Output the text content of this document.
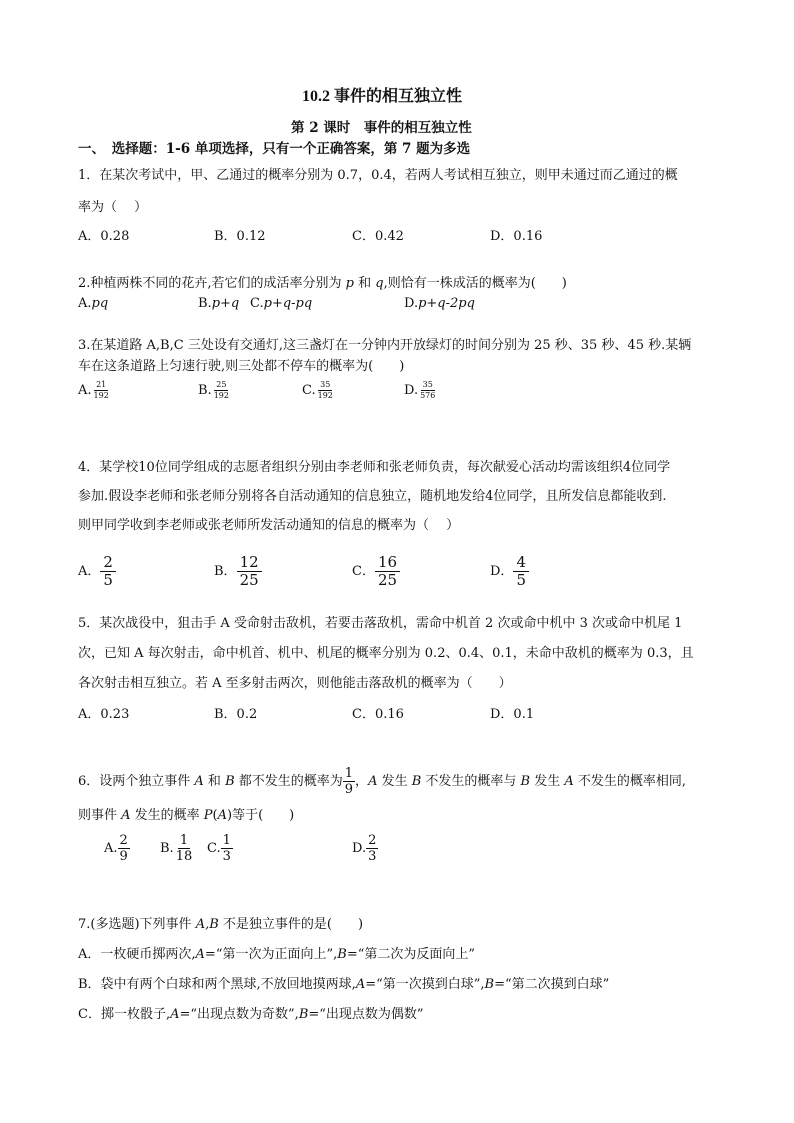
10.2 事件的相互独立性
第 2 课时　事件的相互独立性
一、　选择题：1-6 单项选择，只有一个正确答案，第 7 题为多选
1．在某次考试中，甲、乙通过的概率分别为 0.7，0.4，若两人考试相互独立，则甲未通过而乙通过的概
率为（　 ）
A．0.28	B．0.12	C．0.42	D．0.16
2.种植两株不同的花卉,若它们的成活率分别为 p 和 q,则恰有一株成活的概率为(　　)
A.pq	B.p+q C.p+q-pq	D.p+q-2pq
3.在某道路 A,B,C 三处设有交通灯,这三盏灯在一分钟内开放绿灯的时间分别为 25 秒、35 秒、45 秒.某辆
车在这条道路上匀速行驶,则三处都不停车的概率为(　　)
A. $\frac{21}{192}$	B. $\frac{25}{192}$	C. $\frac{35}{192}$	D. $\frac{35}{576}$
4．某学校10位同学组成的志愿者组织分别由李老师和张老师负责，每次献爱心活动均需该组织4位同学
参加.假设李老师和张老师分别将各自活动通知的信息独立，随机地发给4位同学，且所发信息都能收到.
则甲同学收到李老师或张老师所发活动通知的信息的概率为（　 ）
A． $\frac{2}{5}$	B． $\frac{12}{25}$	C． $\frac{16}{25}$	D． $\frac{4}{5}$
5．某次战役中，狙击手 A 受命射击敌机，若要击落敌机，需命中机首 2 次或命中机中 3 次或命中机尾 1
次，已知 A 每次射击，命中机首、机中、机尾的概率分别为 0.2、0.4、0.1，未命中敌机的概率为 0.3，且
各次射击相互独立。若 A 至多射击两次，则他能击落敌机的概率为（　　）
A．0.23	B．0.2	C．0.16	D．0.1
6．设两个独立事件 A 和 B 都不发生的概率为 $\frac{1}{9}$ ，A 发生 B 不发生的概率与 B 发生 A 不发生的概率相同,
则事件 A 发生的概率 P(A)等于(　　)
A. $\frac{2}{9} B$. $\frac{1}{18} C$. $\frac{1}{3}$	D. $\frac{2}{3}$
7.(多选题)下列事件 A,B 不是独立事件的是(　　)
A．一枚硬币掷两次,A=“第一次为正面向上”,B=“第二次为反面向上”
B．袋中有两个白球和两个黑球,不放回地摸两球,A=“第一次摸到白球”,B=“第二次摸到白球”
C．掷一枚骰子,A=“出现点数为奇数”,B=“出现点数为偶数”
